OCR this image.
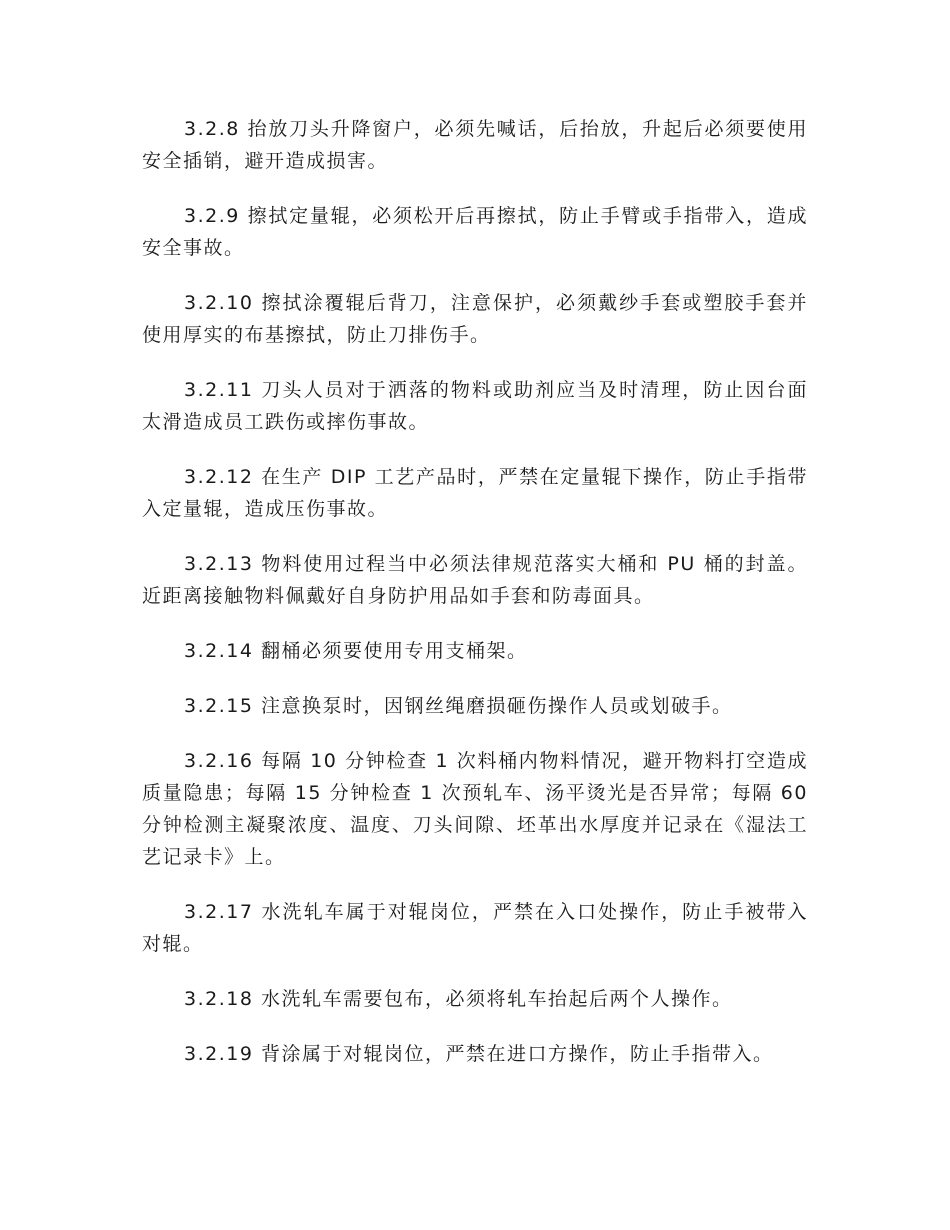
3.2.8 抬放刀头升降窗户，必须先喊话，后抬放，升起后必须要使用安全插销，避开造成损害。

3.2.9 擦拭定量辊，必须松开后再擦拭，防止手臂或手指带入，造成安全事故。

3.2.10 擦拭涂覆辊后背刀，注意保护，必须戴纱手套或塑胶手套并使用厚实的布基擦拭，防止刀排伤手。

3.2.11 刀头人员对于洒落的物料或助剂应当及时清理，防止因台面太滑造成员工跌伤或摔伤事故。

3.2.12 在生产 DIP 工艺产品时，严禁在定量辊下操作，防止手指带入定量辊，造成压伤事故。

3.2.13 物料使用过程当中必须法律规范落实大桶和 PU 桶的封盖。近距离接触物料佩戴好自身防护用品如手套和防毒面具。

3.2.14 翻桶必须要使用专用支桶架。

3.2.15 注意换泵时，因钢丝绳磨损砸伤操作人员或划破手。

3.2.16 每隔 10 分钟检查 1 次料桶内物料情况，避开物料打空造成质量隐患；每隔 15 分钟检查 1 次预轧车、汤平烫光是否异常；每隔 60 分钟检测主凝聚浓度、温度、刀头间隙、坯革出水厚度并记录在《湿法工艺记录卡》上。

3.2.17 水洗轧车属于对辊岗位，严禁在入口处操作，防止手被带入对辊。

3.2.18 水洗轧车需要包布，必须将轧车抬起后两个人操作。

3.2.19 背涂属于对辊岗位，严禁在进口方操作，防止手指带入。
